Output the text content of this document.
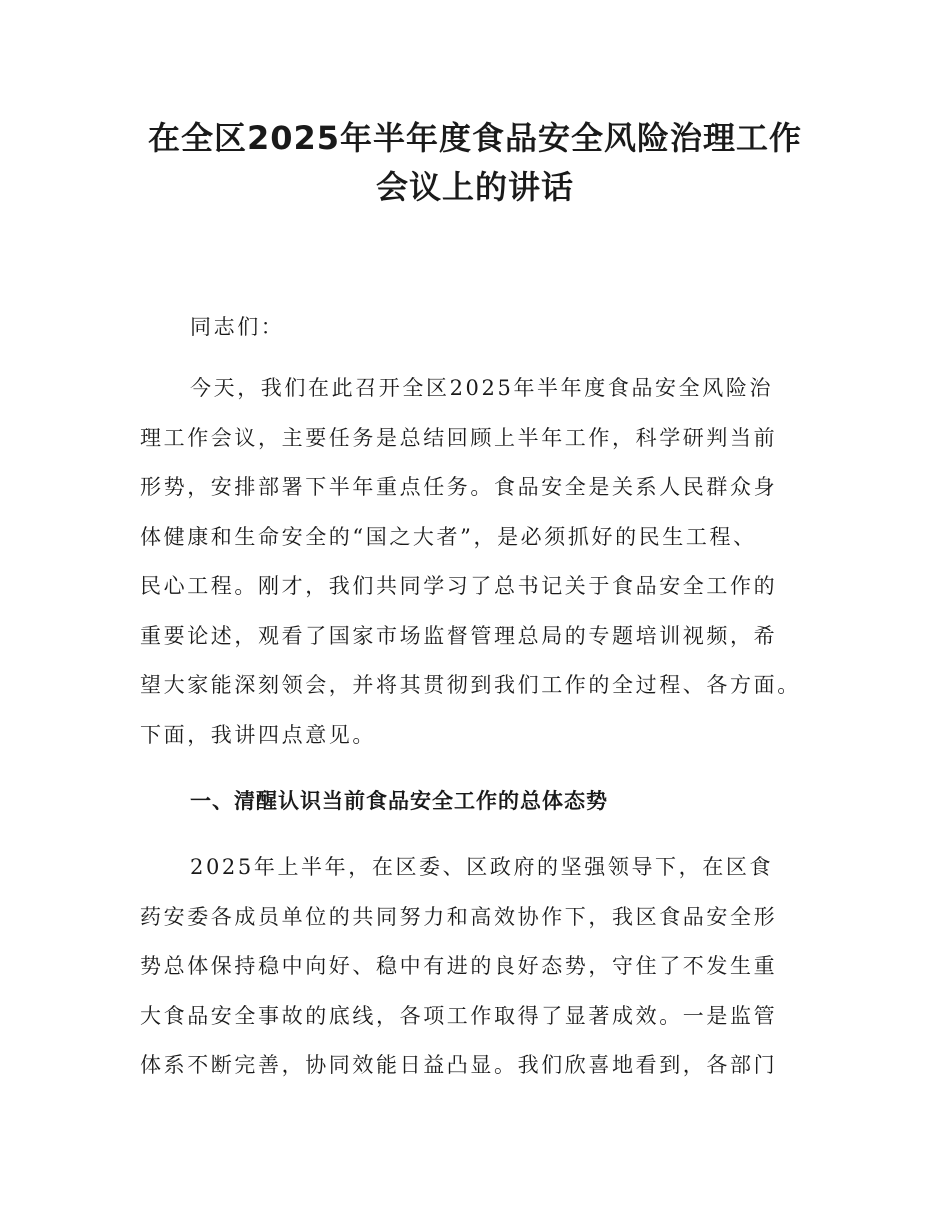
在全区2025年半年度食品安全风险治理工作
会议上的讲话

同志们：

今天，我们在此召开全区2025年半年度食品安全风险治

理工作会议，主要任务是总结回顾上半年工作，科学研判当前

形势，安排部署下半年重点任务。食品安全是关系人民群众身

体健康和生命安全的“国之大者”，是必须抓好的民生工程、

民心工程。刚才，我们共同学习了总书记关于食品安全工作的

重要论述，观看了国家市场监督管理总局的专题培训视频，希

望大家能深刻领会，并将其贯彻到我们工作的全过程、各方面。

下面，我讲四点意见。

一、清醒认识当前食品安全工作的总体态势

2025年上半年，在区委、区政府的坚强领导下，在区食

药安委各成员单位的共同努力和高效协作下，我区食品安全形

势总体保持稳中向好、稳中有进的良好态势，守住了不发生重

大食品安全事故的底线，各项工作取得了显著成效。一是监管

体系不断完善，协同效能日益凸显。我们欣喜地看到，各部门
